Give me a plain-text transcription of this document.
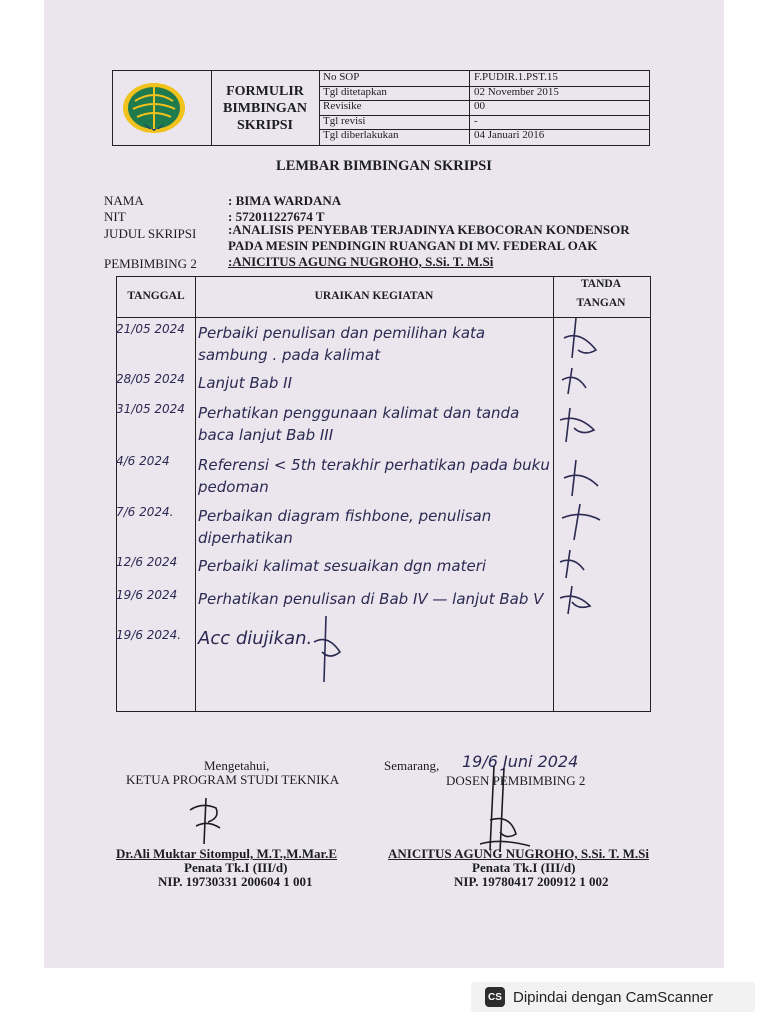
FORMULIR
BIMBINGAN
SKRIPSI
No SOP	F.PUDIR.1.PST.15
Tgl ditetapkan	02 November 2015
Revisike	00
Tgl revisi	-
Tgl diberlakukan	04 Januari 2016
LEMBAR BIMBINGAN SKRIPSI
NAMA	: BIMA WARDANA
NIT	: 572011227674 T
JUDUL SKRIPSI :ANALISIS PENYEBAB TERJADINYA KEBOCORAN KONDENSOR
PADA MESIN PENDINGIN RUANGAN DI MV. FEDERAL OAK
PEMBIMBING 2 :ANICITUS AGUNG NUGROHO, S.Si. T. M.Si
TANGGAL	URAIKAN KEGIATAN
TANDA
TANGAN
21/05 2024 Perbaiki penulisan dan pemilihan kata sambung . pada kalimat
28/05 2024 Lanjut Bab II
31/05 2024 Perhatikan penggunaan kalimat dan tanda baca lanjut Bab III
4/6 2024	Referensi < 5th terakhir perhatikan pada buku pedoman
7/6 2024.	Perbaikan diagram fishbone, penulisan diperhatikan
12/6 2024	Perbaiki kalimat sesuaikan dgn materi
19/6 2024	Perhatikan penulisan di Bab IV — lanjut Bab V
19/6 2024. Acc diujikan.
Mengetahui,
KETUA PROGRAM STUDI TEKNIKA
Semarang, 19/6 Juni 2024
DOSEN PEMBIMBING 2
Dr.Ali Muktar Sitompul, M.T.,M.Mar.E
Penata Tk.I (III/d)
NIP. 19730331 200604 1 001
ANICITUS AGUNG NUGROHO, S.Si. T. M.Si
Penata Tk.I (III/d)
NIP. 19780417 200912 1 002
CS Dipindai dengan CamScanner
